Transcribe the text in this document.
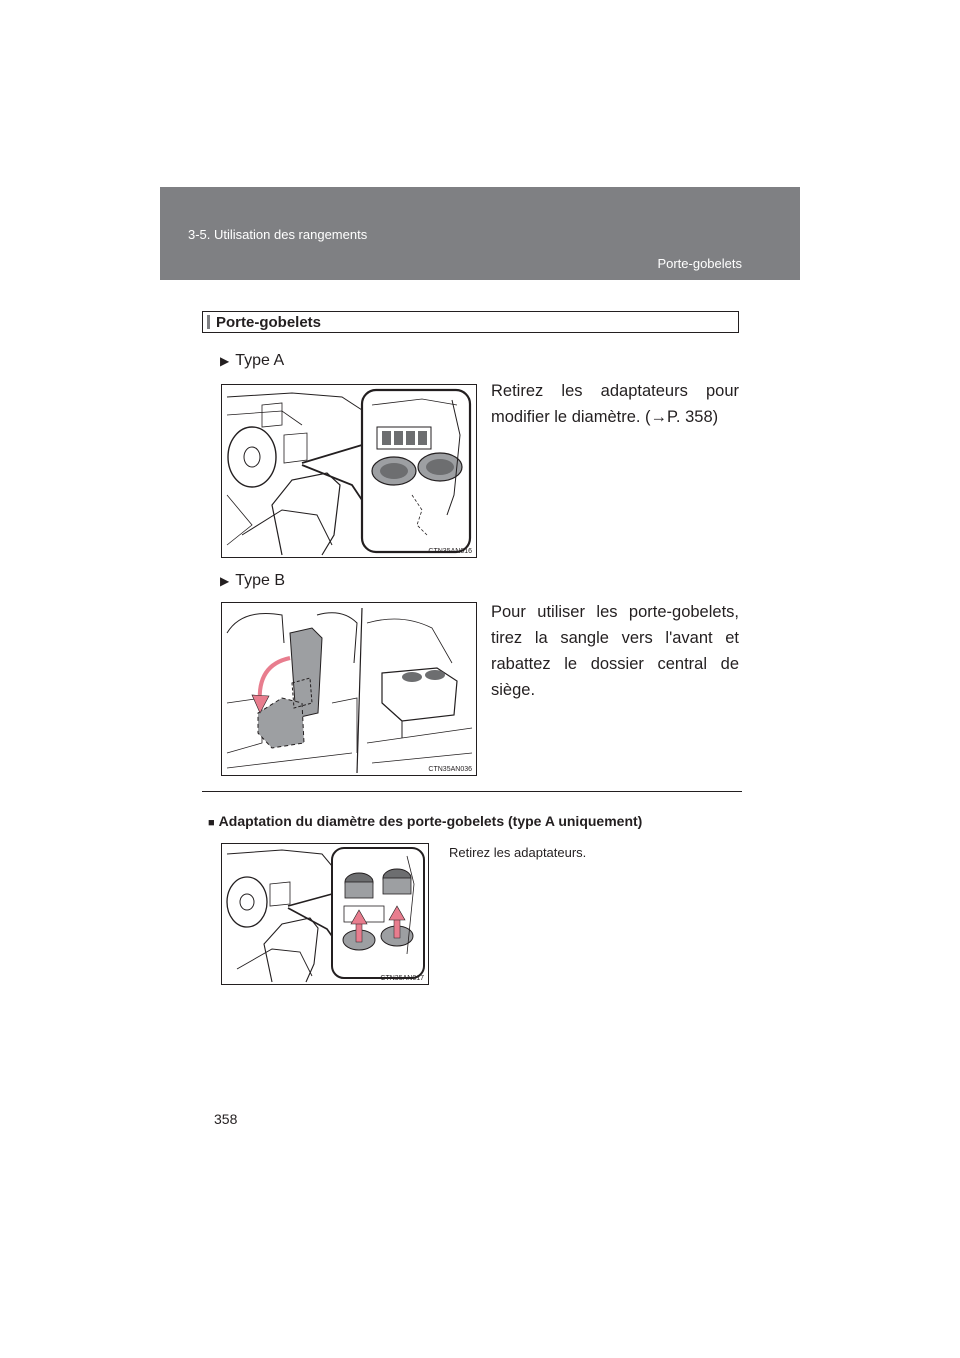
3-5. Utilisation des rangements
Porte-gobelets
Porte-gobelets
▶ Type A
Retirez les adaptateurs pour modifier le diamètre. (→P. 358)
CTN35AN016
▶ Type B
Pour utiliser les porte-gobelets, tirez la sangle vers l'avant et rabattez le dossier central de siège.
CTN35AN036
■ Adaptation du diamètre des porte-gobelets (type A uniquement)
Retirez les adaptateurs.
CTN35AN017
358
